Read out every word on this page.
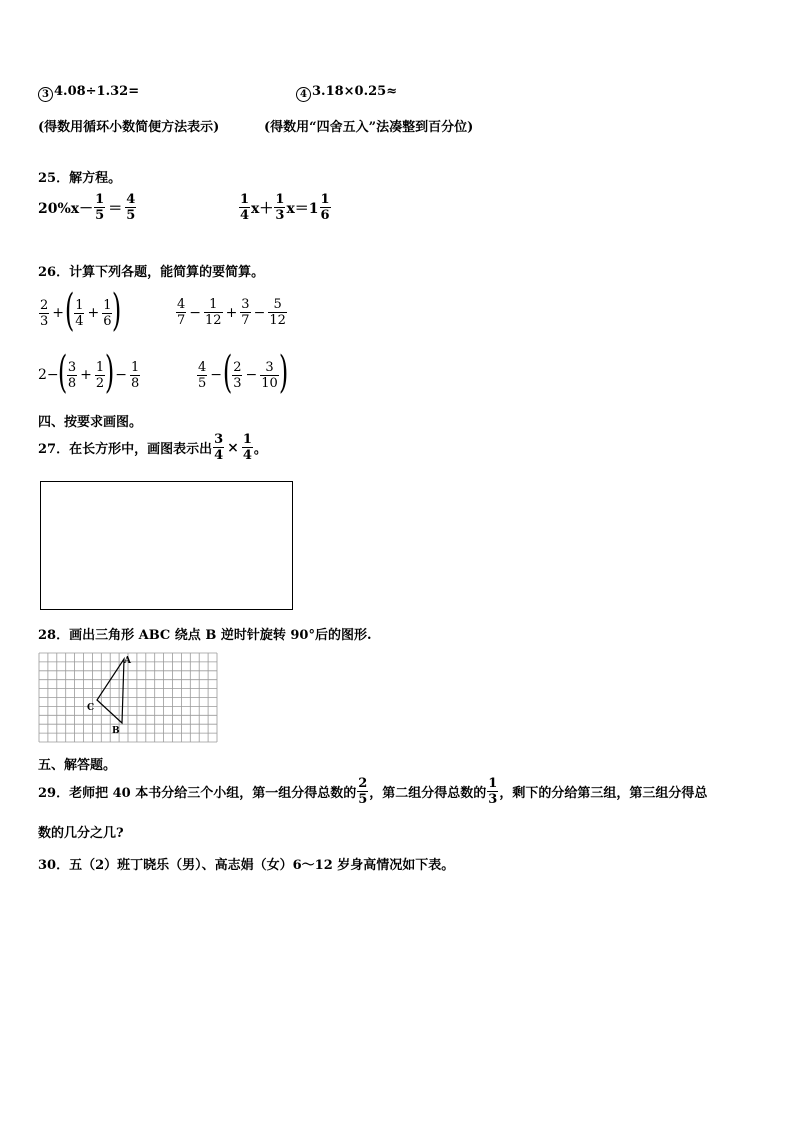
3 4.08÷1.32=	4 3.18×0.25≈
(得数用循环小数简便方法表示)	(得数用“四舍五入”法凑整到百分位)
25．解方程。
$20\%x- \frac{1}{5} = \frac{4}{5}$	$\frac{1}{4} x+ \frac{1}{3} x=1 \frac{1}{6}$
26．计算下列各题，能简算的要简算。
$\frac{2}{3}$ + ( $\frac{1}{4} + \frac{1}{6}$ )	$\frac{4}{7} - \frac{1}{12} + \frac{3}{7} - \frac{5}{12}$
2−
( $\frac{3}{8} + \frac{1}{2}$ ) − $\frac{1}{8}$	$\frac{4}{5}$ − ( $\frac{2}{3} - \frac{3}{10}$ )
四、按要求画图。
27．在长方形中，画图表示出 $\frac{3}{4} \times \frac{1}{4}$ 。
28．画出三角形 ABC 绕点 B 逆时针旋转 90°后的图形.
A
C
B
五、解答题。
29．老师把 40 本书分给三个小组，第一组分得总数的 $\frac{2}{5}$ ，第二组分得总数的 $\frac{1}{3}$ ，剩下的分给第三组，第三组分得总
数的几分之几?
30．五（2）班丁晓乐（男）、高志娟（女）6～12 岁身高情况如下表。
